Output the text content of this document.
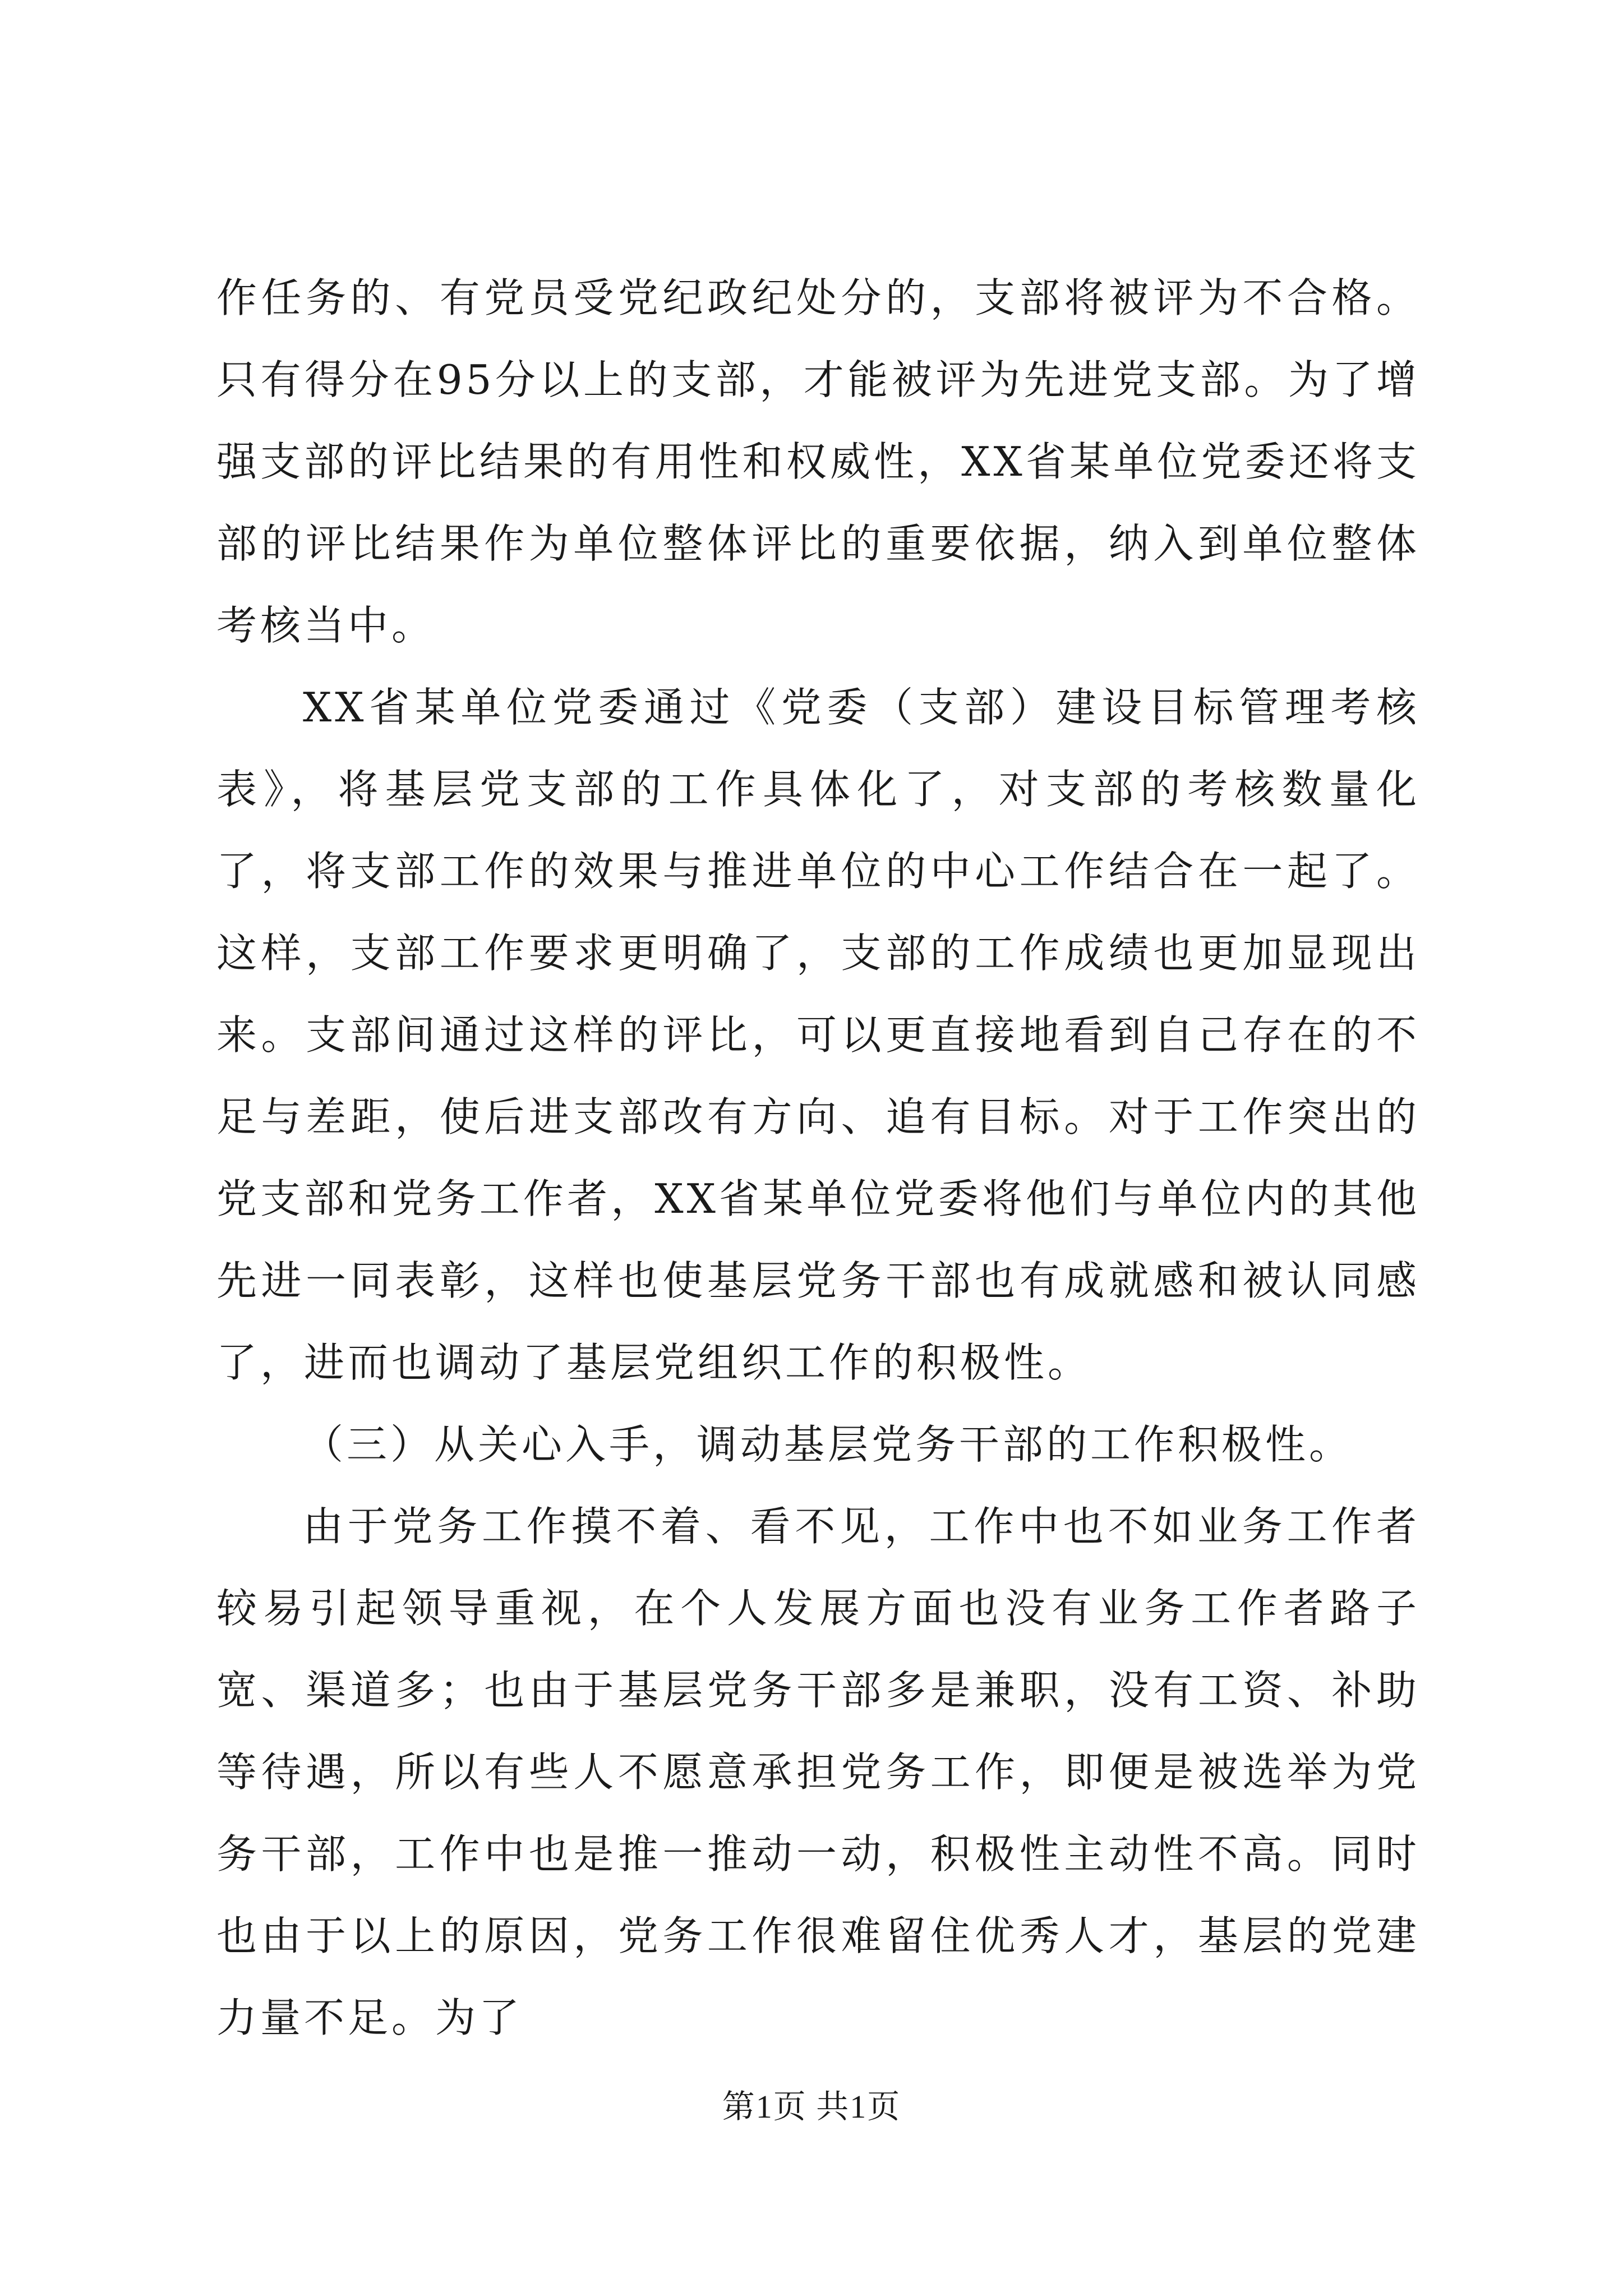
作任务的、有党员受党纪政纪处分的，支部将被评为不合格。只有得分在95分以上的支部，才能被评为先进党支部。为了增强支部的评比结果的有用性和权威性，XX省某单位党委还将支部的评比结果作为单位整体评比的重要依据，纳入到单位整体考核当中。

XX省某单位党委通过《党委（支部）建设目标管理考核表》，将基层党支部的工作具体化了，对支部的考核数量化了，将支部工作的效果与推进单位的中心工作结合在一起了。这样，支部工作要求更明确了，支部的工作成绩也更加显现出来。支部间通过这样的评比，可以更直接地看到自己存在的不足与差距，使后进支部改有方向、追有目标。对于工作突出的党支部和党务工作者，XX省某单位党委将他们与单位内的其他先进一同表彰，这样也使基层党务干部也有成就感和被认同感了，进而也调动了基层党组织工作的积极性。

（三）从关心入手，调动基层党务干部的工作积极性。

由于党务工作摸不着、看不见，工作中也不如业务工作者较易引起领导重视，在个人发展方面也没有业务工作者路子宽、渠道多；也由于基层党务干部多是兼职，没有工资、补助等待遇，所以有些人不愿意承担党务工作，即便是被选举为党务干部，工作中也是推一推动一动，积极性主动性不高。同时也由于以上的原因，党务工作很难留住优秀人才，基层的党建力量不足。为了

第1页 共1页
